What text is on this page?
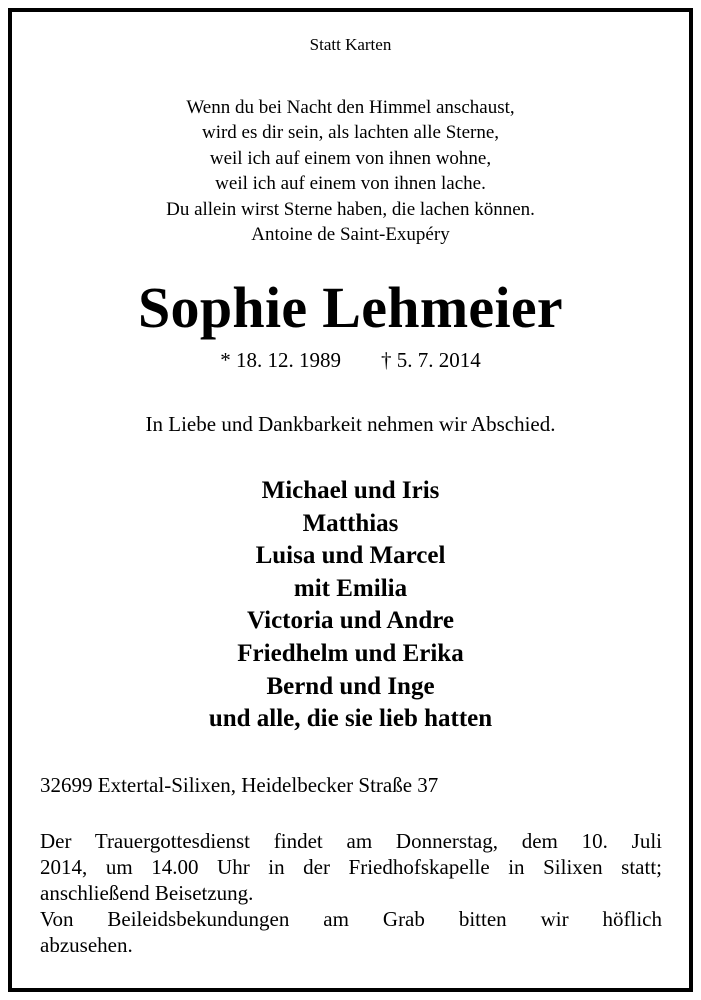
Statt Karten

Wenn du bei Nacht den Himmel anschaust,
wird es dir sein, als lachten alle Sterne,
weil ich auf einem von ihnen wohne,
weil ich auf einem von ihnen lache.
Du allein wirst Sterne haben, die lachen können.
Antoine de Saint-Exupéry

Sophie Lehmeier

* 18. 12. 1989 † 5. 7. 2014

In Liebe und Dankbarkeit nehmen wir Abschied.

Michael und Iris
Matthias
Luisa und Marcel
mit Emilia
Victoria und Andre
Friedhelm und Erika
Bernd und Inge
und alle, die sie lieb hatten

32699 Extertal-Silixen, Heidelbecker Straße 37

Der Trauergottesdienst findet am Donnerstag, dem 10. Juli
2014, um 14.00 Uhr in der Friedhofskapelle in Silixen statt;
anschließend Beisetzung.
Von Beileidsbekundungen am Grab bitten wir höflich
abzusehen.
